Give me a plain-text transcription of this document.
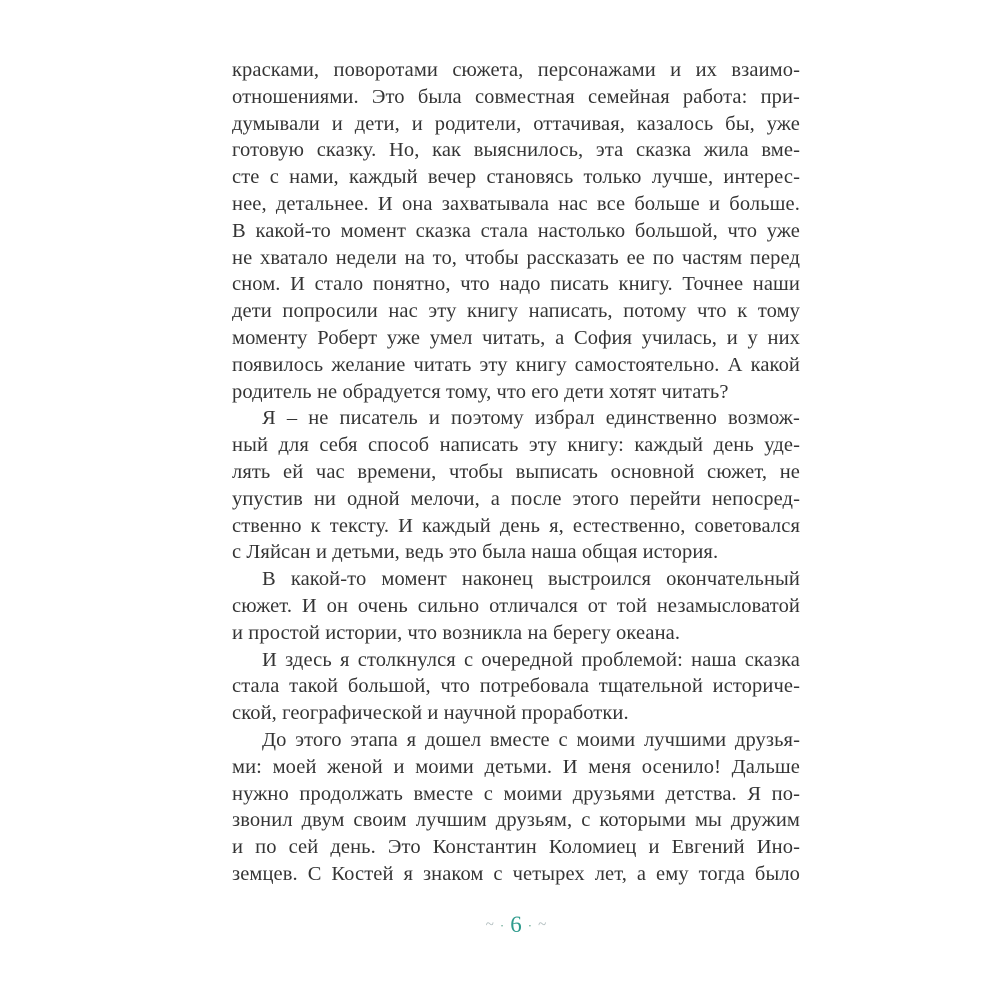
красками, поворотами сюжета, персонажами и их взаимо-
отношениями. Это была совместная семейная работа: при-
думывали и дети, и родители, оттачивая, казалось бы, уже
готовую сказку. Но, как выяснилось, эта сказка жила вме-
сте с нами, каждый вечер становясь только лучше, интерес-
нее, детальнее. И она захватывала нас все больше и больше.
В какой-то момент сказка стала настолько большой, что уже
не хватало недели на то, чтобы рассказать ее по частям перед
сном. И стало понятно, что надо писать книгу. Точнее наши
дети попросили нас эту книгу написать, потому что к тому
моменту Роберт уже умел читать, а София училась, и у них
появилось желание читать эту книгу самостоятельно. А какой
родитель не обрадуется тому, что его дети хотят читать?
Я – не писатель и поэтому избрал единственно возмож-
ный для себя способ написать эту книгу: каждый день уде-
лять ей час времени, чтобы выписать основной сюжет, не
упустив ни одной мелочи, а после этого перейти непосред-
ственно к тексту. И каждый день я, естественно, советовался
с Ляйсан и детьми, ведь это была наша общая история.
В какой-то момент наконец выстроился окончательный
сюжет. И он очень сильно отличался от той незамысловатой
и простой истории, что возникла на берегу океана.
И здесь я столкнулся с очередной проблемой: наша сказка
стала такой большой, что потребовала тщательной историче-
ской, географической и научной проработки.
До этого этапа я дошел вместе с моими лучшими друзья-
ми: моей женой и моими детьми. И меня осенило! Дальше
нужно продолжать вместе с моими друзьями детства. Я по-
звонил двум своим лучшим друзьям, с которыми мы дружим
и по сей день. Это Константин Коломиец и Евгений Ино-
земцев. С Костей я знаком с четырех лет, а ему тогда было
~ · 6 · ~
